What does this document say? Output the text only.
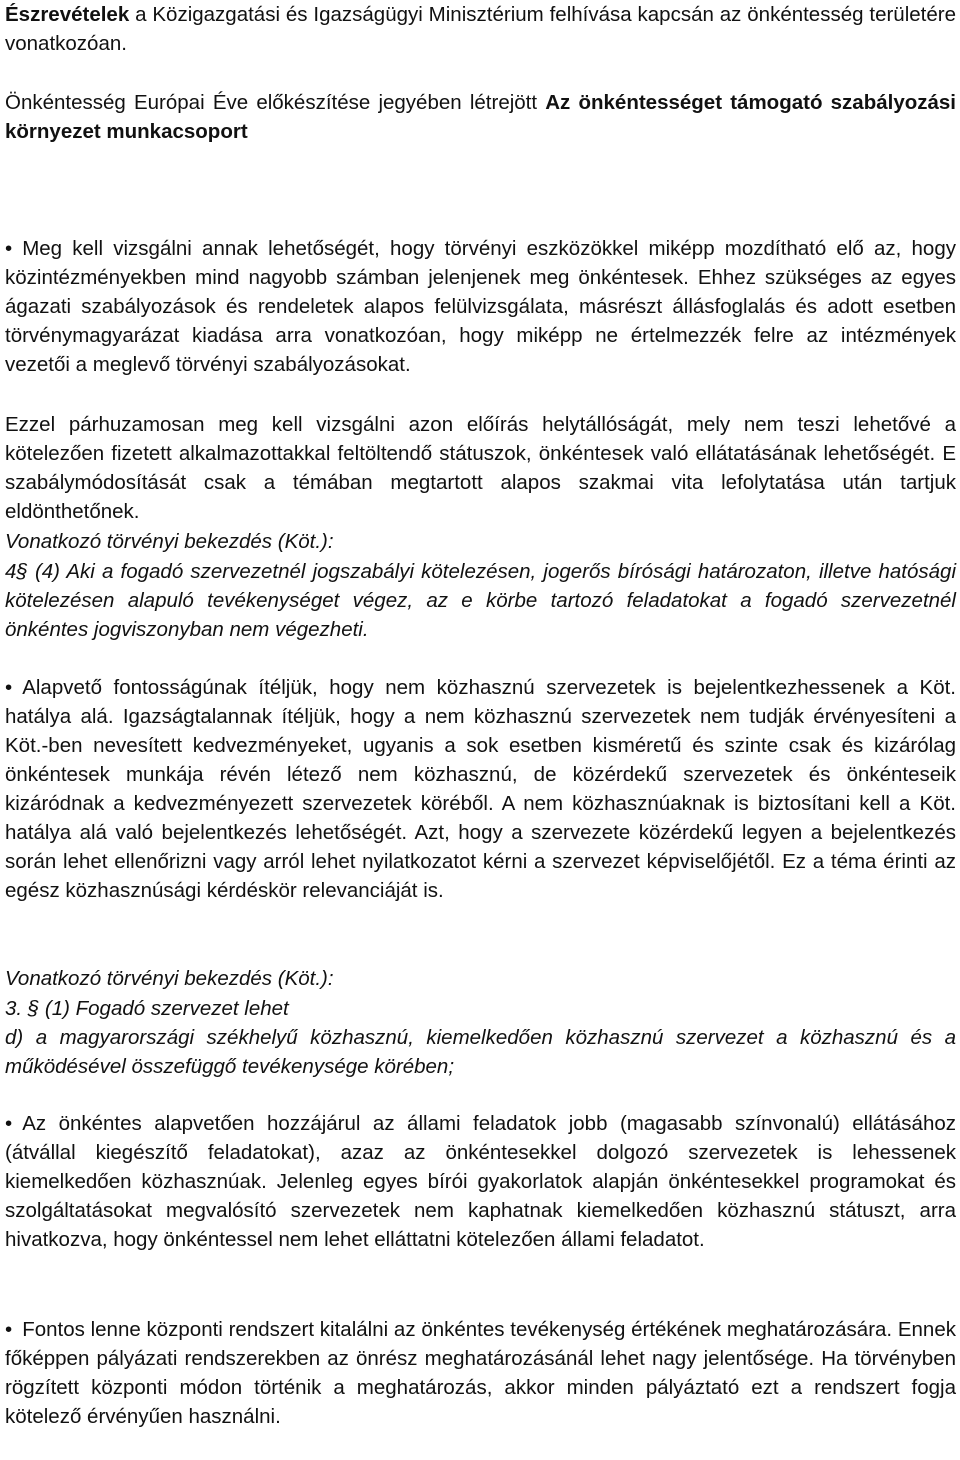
Észrevételek a Közigazgatási és Igazságügyi Minisztérium felhívása kapcsán az önkéntesség területére vonatkozóan.

Önkéntesség Európai Éve előkészítése jegyében létrejött Az önkéntességet támogató szabályozási környezet munkacsoport

• Meg kell vizsgálni annak lehetőségét, hogy törvényi eszközökkel miképp mozdítható elő az, hogy közintézményekben mind nagyobb számban jelenjenek meg önkéntesek. Ehhez szükséges az egyes ágazati szabályozások és rendeletek alapos felülvizsgálata, másrészt állásfoglalás és adott esetben törvénymagyarázat kiadása arra vonatkozóan, hogy miképp ne értelmezzék felre az intézmények vezetői a meglevő törvényi szabályozásokat.

Ezzel párhuzamosan meg kell vizsgálni azon előírás helytállóságát, mely nem teszi lehetővé a kötelezően fizetett alkalmazottakkal feltöltendő státuszok, önkéntesek való ellátatásának lehetőségét. E szabálymódosítását csak a témában megtartott alapos szakmai vita lefolytatása után tartjuk eldönthetőnek.

Vonatkozó törvényi bekezdés (Köt.):

4§ (4) Aki a fogadó szervezetnél jogszabályi kötelezésen, jogerős bírósági határozaton, illetve hatósági kötelezésen alapuló tevékenységet végez, az e körbe tartozó feladatokat a fogadó szervezetnél önkéntes jogviszonyban nem végezheti.

• Alapvető fontosságúnak ítéljük, hogy nem közhasznú szervezetek is bejelentkezhessenek a Köt. hatálya alá. Igazságtalannak ítéljük, hogy a nem közhasznú szervezetek nem tudják érvényesíteni a Köt.-ben nevesített kedvezményeket, ugyanis a sok esetben kisméretű és szinte csak és kizárólag önkéntesek munkája révén létező nem közhasznú, de közérdekű szervezetek és önkénteseik kizáródnak a kedvezményezett szervezetek köréből. A nem közhasznúaknak is biztosítani kell a Köt. hatálya alá való bejelentkezés lehetőségét. Azt, hogy a szervezete közérdekű legyen a bejelentkezés során lehet ellenőrizni vagy arról lehet nyilatkozatot kérni a szervezet képviselőjétől. Ez a téma érinti az egész közhasznúsági kérdéskör relevanciáját is.

Vonatkozó törvényi bekezdés (Köt.):

3. § (1) Fogadó szervezet lehet

d) a magyarországi székhelyű közhasznú, kiemelkedően közhasznú szervezet a közhasznú és a működésével összefüggő tevékenysége körében;

• Az önkéntes alapvetően hozzájárul az állami feladatok jobb (magasabb színvonalú) ellátásához (átvállal kiegészítő feladatokat), azaz az önkéntesekkel dolgozó szervezetek is lehessenek kiemelkedően közhasznúak. Jelenleg egyes bírói gyakorlatok alapján önkéntesekkel programokat és szolgáltatásokat megvalósító szervezetek nem kaphatnak kiemelkedően közhasznú státuszt, arra hivatkozva, hogy önkéntessel nem lehet elláttatni kötelezően állami feladatot.

• Fontos lenne központi rendszert kitalálni az önkéntes tevékenység értékének meghatározására. Ennek főképpen pályázati rendszerekben az önrész meghatározásánál lehet nagy jelentősége. Ha törvényben rögzített központi módon történik a meghatározás, akkor minden pályáztató ezt a rendszert fogja kötelező érvényűen használni.
